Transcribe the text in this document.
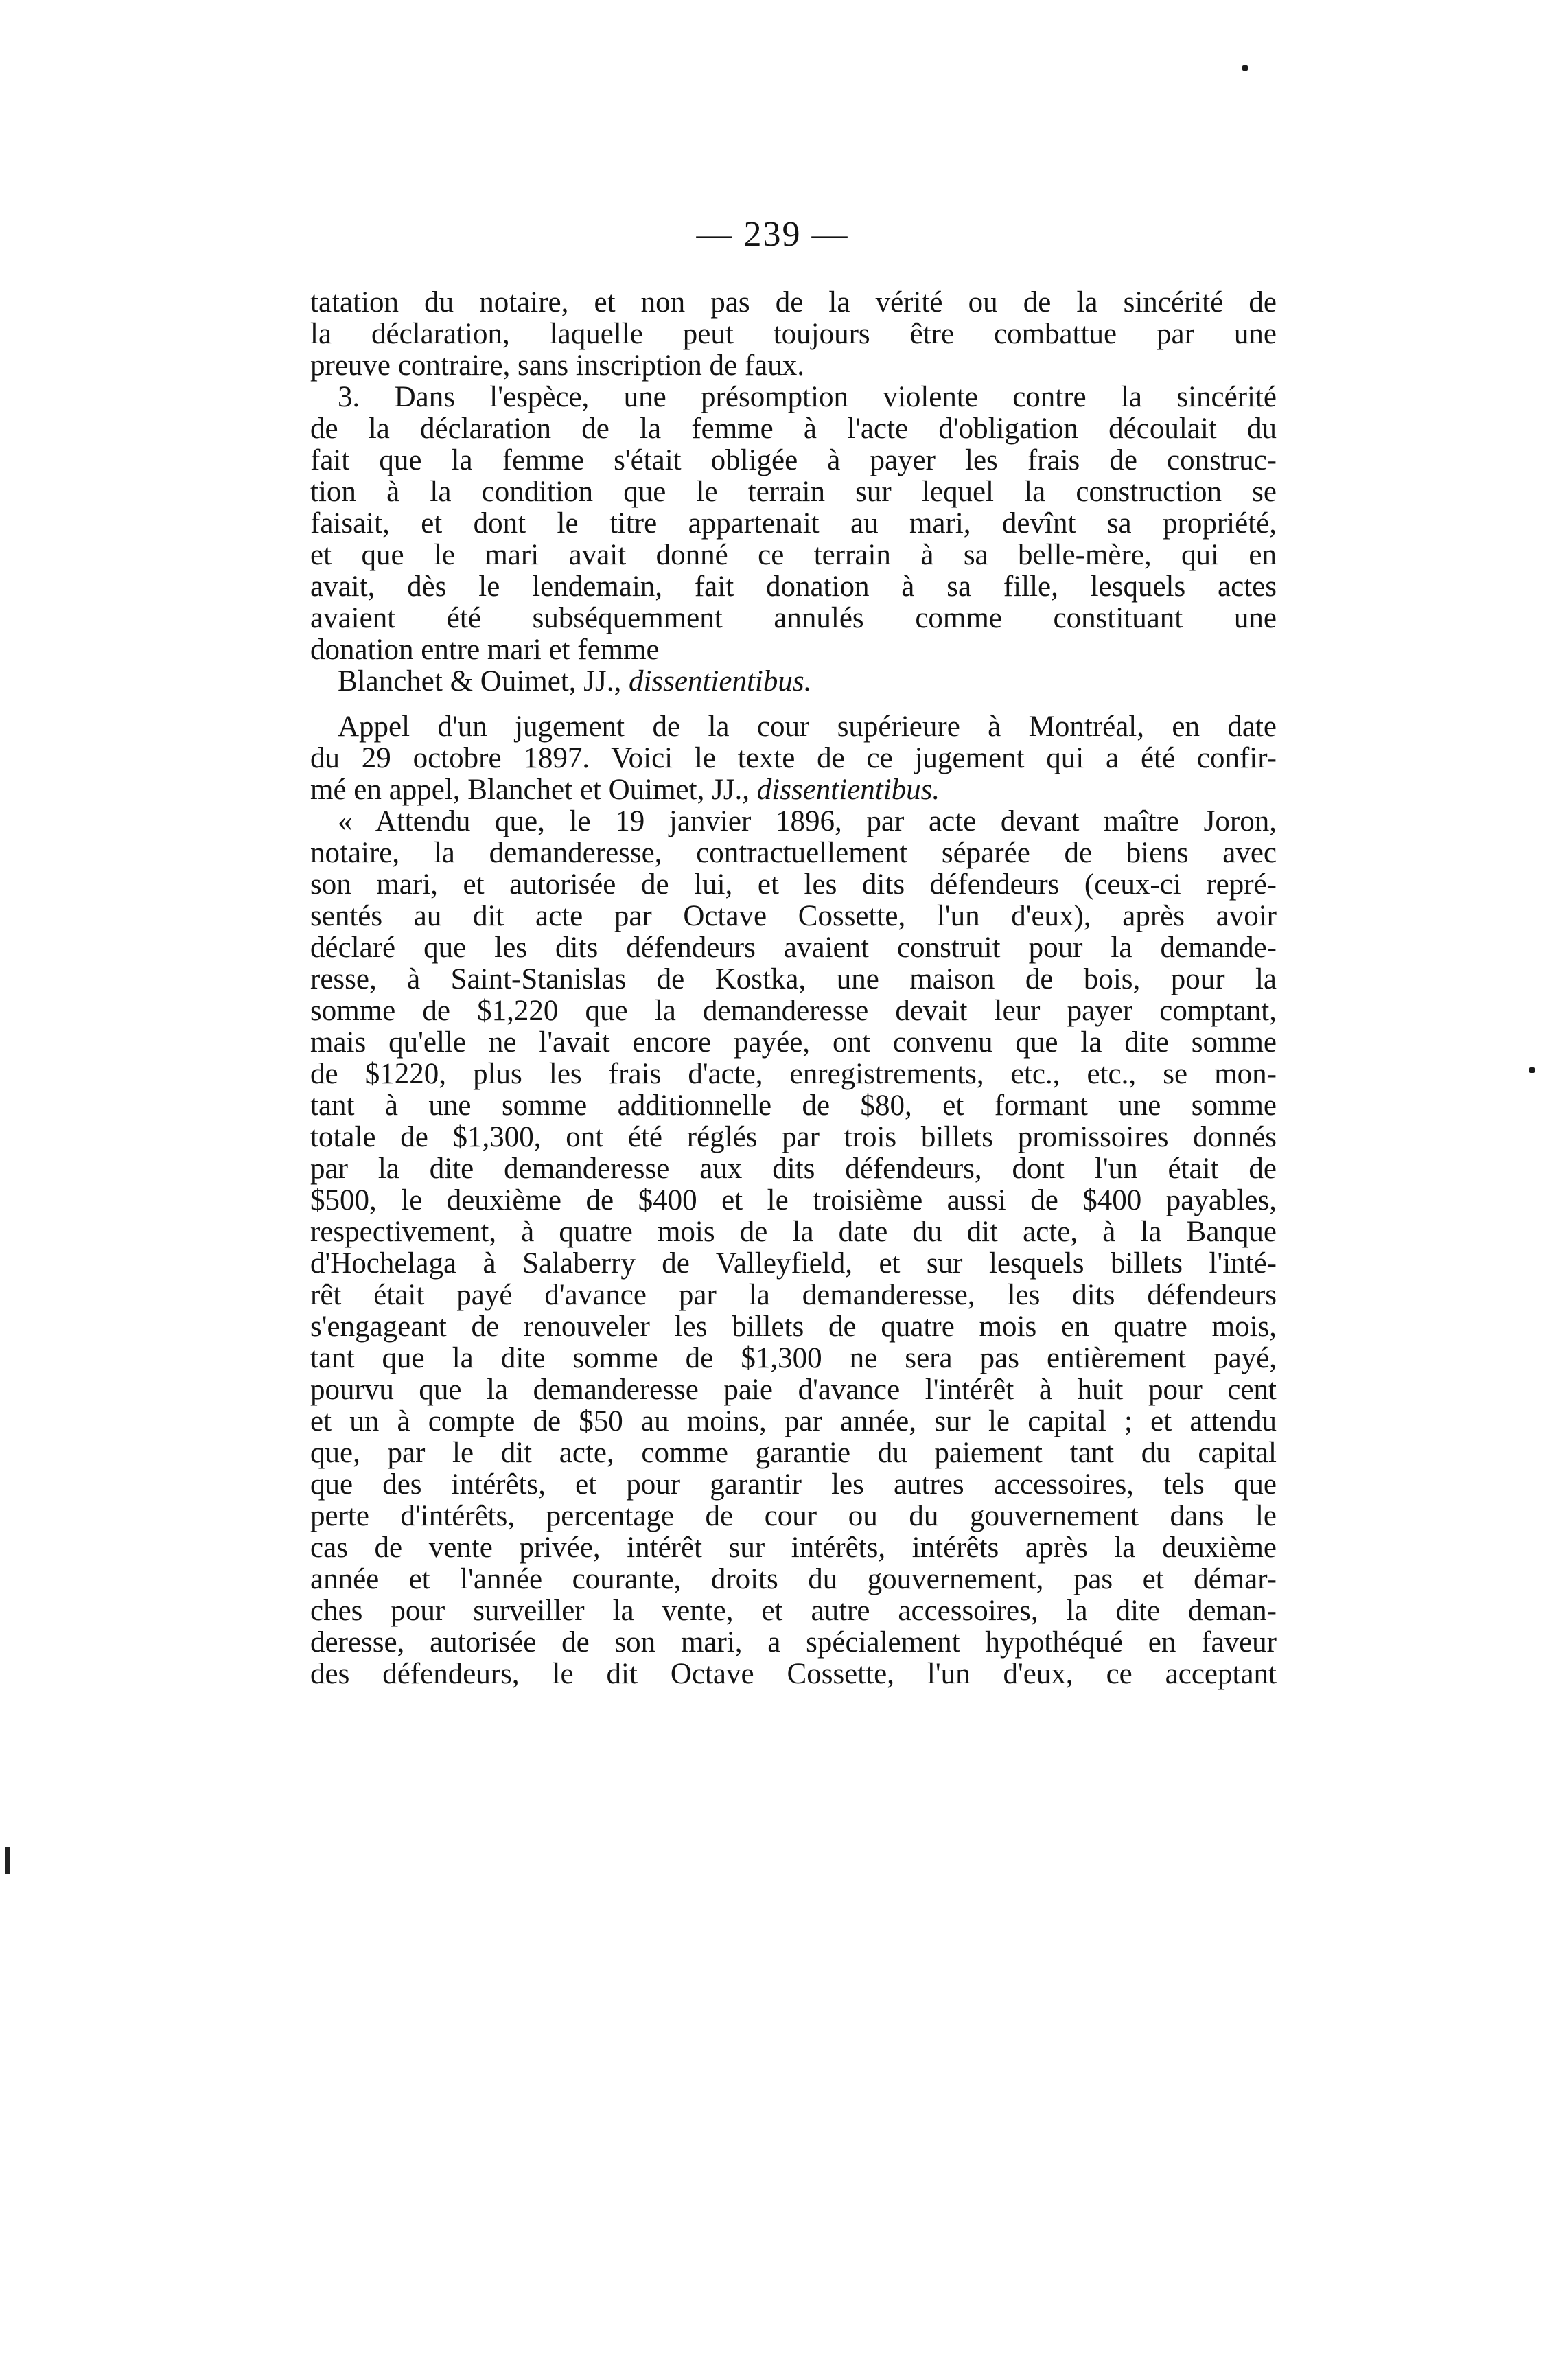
— 239 —
tatation du notaire, et non pas de la vérité ou de la sincérité de
la déclaration, laquelle peut toujours être combattue par une
preuve contraire, sans inscription de faux.
3. Dans l'espèce, une présomption violente contre la sincérité
de la déclaration de la femme à l'acte d'obligation découlait du
fait que la femme s'était obligée à payer les frais de construc-
tion à la condition que le terrain sur lequel la construction se
faisait, et dont le titre appartenait au mari, devînt sa propriété,
et que le mari avait donné ce terrain à sa belle-mère, qui en
avait, dès le lendemain, fait donation à sa fille, lesquels actes
avaient été subséquemment annulés comme constituant une
donation entre mari et femme
Blanchet & Ouimet, JJ., dissentientibus.
Appel d'un jugement de la cour supérieure à Montréal, en date
du 29 octobre 1897. Voici le texte de ce jugement qui a été confir-
mé en appel, Blanchet et Ouimet, JJ., dissentientibus.
« Attendu que, le 19 janvier 1896, par acte devant maître Joron,
notaire, la demanderesse, contractuellement séparée de biens avec
son mari, et autorisée de lui, et les dits défendeurs (ceux-ci repré-
sentés au dit acte par Octave Cossette, l'un d'eux), après avoir
déclaré que les dits défendeurs avaient construit pour la demande-
resse, à Saint-Stanislas de Kostka, une maison de bois, pour la
somme de $1,220 que la demanderesse devait leur payer comptant,
mais qu'elle ne l'avait encore payée, ont convenu que la dite somme
de $1220, plus les frais d'acte, enregistrements, etc., etc., se mon-
tant à une somme additionnelle de $80, et formant une somme
totale de $1,300, ont été réglés par trois billets promissoires donnés
par la dite demanderesse aux dits défendeurs, dont l'un était de
$500, le deuxième de $400 et le troisième aussi de $400 payables,
respectivement, à quatre mois de la date du dit acte, à la Banque
d'Hochelaga à Salaberry de Valleyfield, et sur lesquels billets l'inté-
rêt était payé d'avance par la demanderesse, les dits défendeurs
s'engageant de renouveler les billets de quatre mois en quatre mois,
tant que la dite somme de $1,300 ne sera pas entièrement payé,
pourvu que la demanderesse paie d'avance l'intérêt à huit pour cent
et un à compte de $50 au moins, par année, sur le capital ; et attendu
que, par le dit acte, comme garantie du paiement tant du capital
que des intérêts, et pour garantir les autres accessoires, tels que
perte d'intérêts, percentage de cour ou du gouvernement dans le
cas de vente privée, intérêt sur intérêts, intérêts après la deuxième
année et l'année courante, droits du gouvernement, pas et démar-
ches pour surveiller la vente, et autre accessoires, la dite deman-
deresse, autorisée de son mari, a spécialement hypothéqué en faveur
des défendeurs, le dit Octave Cossette, l'un d'eux, ce acceptant
